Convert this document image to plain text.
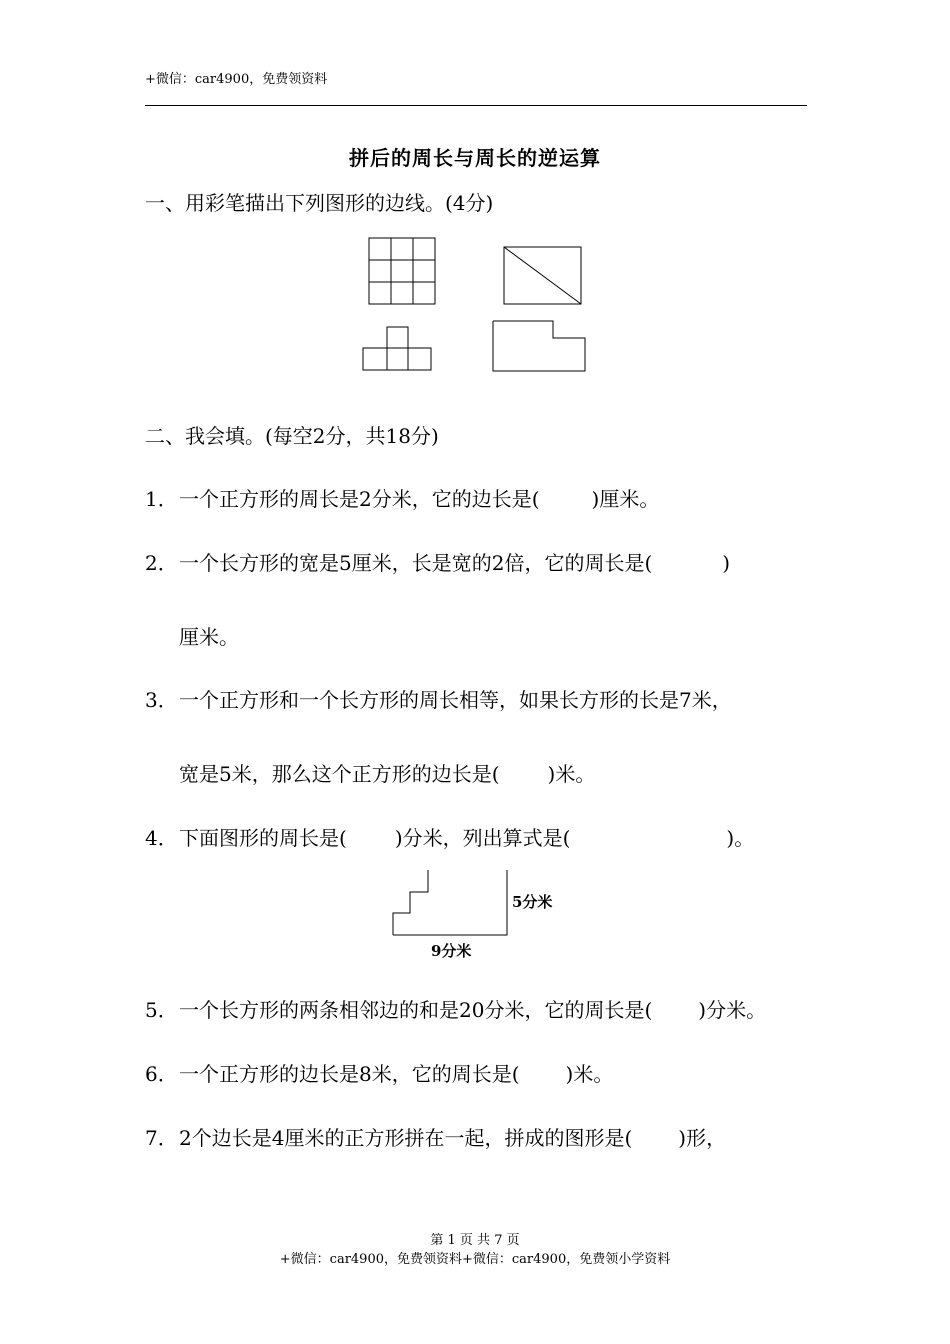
+微信：car4900，免费领资料
拼后的周长与周长的逆运算
一、用彩笔描出下列图形的边线。(4分)
二、我会填。(每空2分，共18分)
1．一个正方形的周长是2分米，它的边长是(	)厘米。
2．一个长方形的宽是5厘米，长是宽的2倍，它的周长是(	)
厘米。
3．一个正方形和一个长方形的周长相等，如果长方形的长是7米，
宽是5米，那么这个正方形的边长是( )米。
4．下面图形的周长是( )分米，列出算式是(	)。
5分米
9分米
5．一个长方形的两条相邻边的和是20分米，它的周长是( )分米。
6．一个正方形的边长是8米，它的周长是( )米。
7．2个边长是4厘米的正方形拼在一起，拼成的图形是( )形，
第 1 页 共 7 页
+微信：car4900，免费领资料+微信：car4900，免费领小学资料
